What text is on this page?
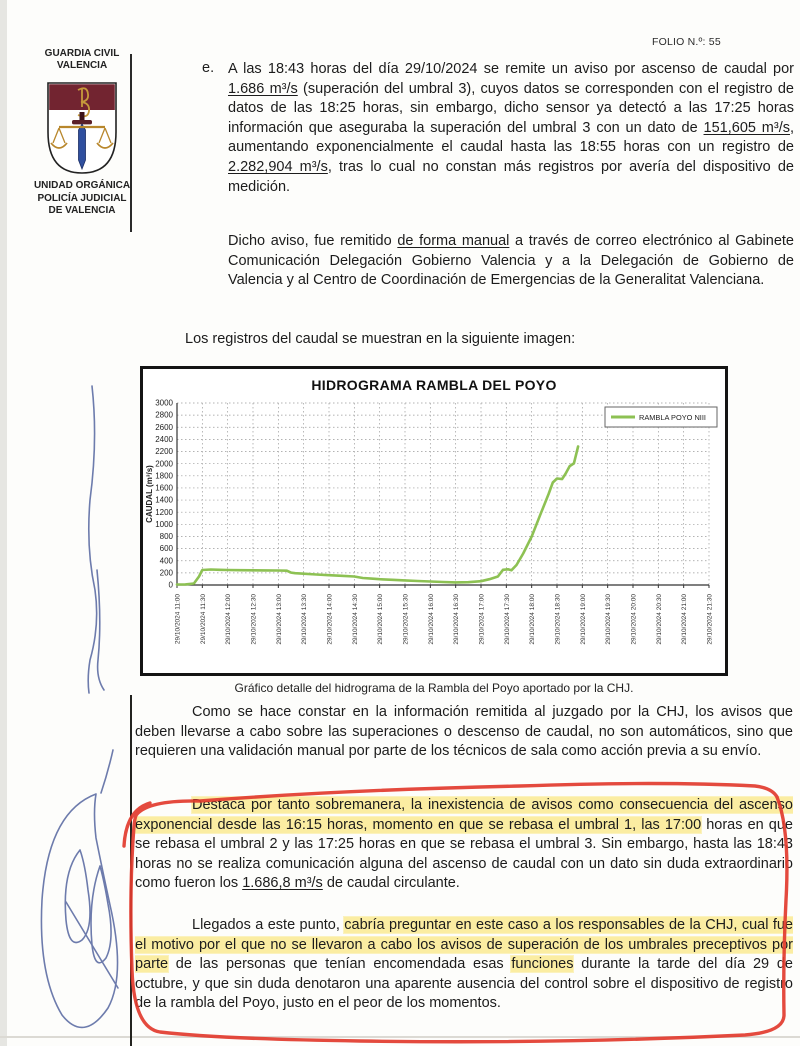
FOLIO N.º: 55
GUARDIA CIVIL
VALENCIA
UNIDAD ORGÁNICA
POLICÍA JUDICIAL
DE VALENCIA
e. A las 18:43 horas del día 29/10/2024 se remite un aviso por ascenso de caudal por 1.686 m³/s (superación del umbral 3), cuyos datos se corresponden con el registro de datos de las 18:25 horas, sin embargo, dicho sensor ya detectó a las 17:25 horas información que aseguraba la superación del umbral 3 con un dato de 151,605 m³/s, aumentando exponencialmente el caudal hasta las 18:55 horas con un registro de 2.282,904 m³/s, tras lo cual no constan más registros por avería del dispositivo de medición.
Dicho aviso, fue remitido de forma manual a través de correo electrónico al Gabinete Comunicación Delegación Gobierno Valencia y a la Delegación de Gobierno de Valencia y al Centro de Coordinación de Emergencias de la Generalitat Valenciana.
Los registros del caudal se muestran en la siguiente imagen:
HIDROGRAMA RAMBLA DEL POYO
0
200
400
600
800
1000
1200
1400
1600
1800
2000
2200
2400
2600
2800
3000
29/10/2024 11:00	29/10/2024 11:30	29/10/2024 12:00	29/10/2024 12:30	29/10/2024 13:00	29/10/2024 13:30	29/10/2024 14:00	29/10/2024 14:30	29/10/2024 15:00	29/10/2024 15:30	29/10/2024 16:00	29/10/2024 16:30	29/10/2024 17:00	29/10/2024 17:30	29/10/2024 18:00	29/10/2024 18:30	29/10/2024 19:00	29/10/2024 19:30	29/10/2024 20:00	29/10/2024 20:30	29/10/2024 21:00	29/10/2024 21:30
CAUDAL (m³/s)
RAMBLA POYO NIII
Gráfico detalle del hidrograma de la Rambla del Poyo aportado por la CHJ.
Como se hace constar en la información remitida al juzgado por la CHJ, los avisos que deben llevarse a cabo sobre las superaciones o descenso de caudal, no son automáticos, sino que requieren una validación manual por parte de los técnicos de sala como acción previa a su envío.
Destaca por tanto sobremanera, la inexistencia de avisos como consecuencia del ascenso exponencial desde las 16:15 horas, momento en que se rebasa el umbral 1, las 17:00 horas en que se rebasa el umbral 2 y las 17:25 horas en que se rebasa el umbral 3. Sin embargo, hasta las 18:43 horas no se realiza comunicación alguna del ascenso de caudal con un dato sin duda extraordinario como fueron los 1.686,8 m³/s de caudal circulante.
Llegados a este punto, cabría preguntar en este caso a los responsables de la CHJ, cual fue el motivo por el que no se llevaron a cabo los avisos de superación de los umbrales preceptivos por parte de las personas que tenían encomendada esas funciones durante la tarde del día 29 de octubre, y que sin duda denotaron una aparente ausencia del control sobre el dispositivo de registro de la rambla del Poyo, justo en el peor de los momentos.
